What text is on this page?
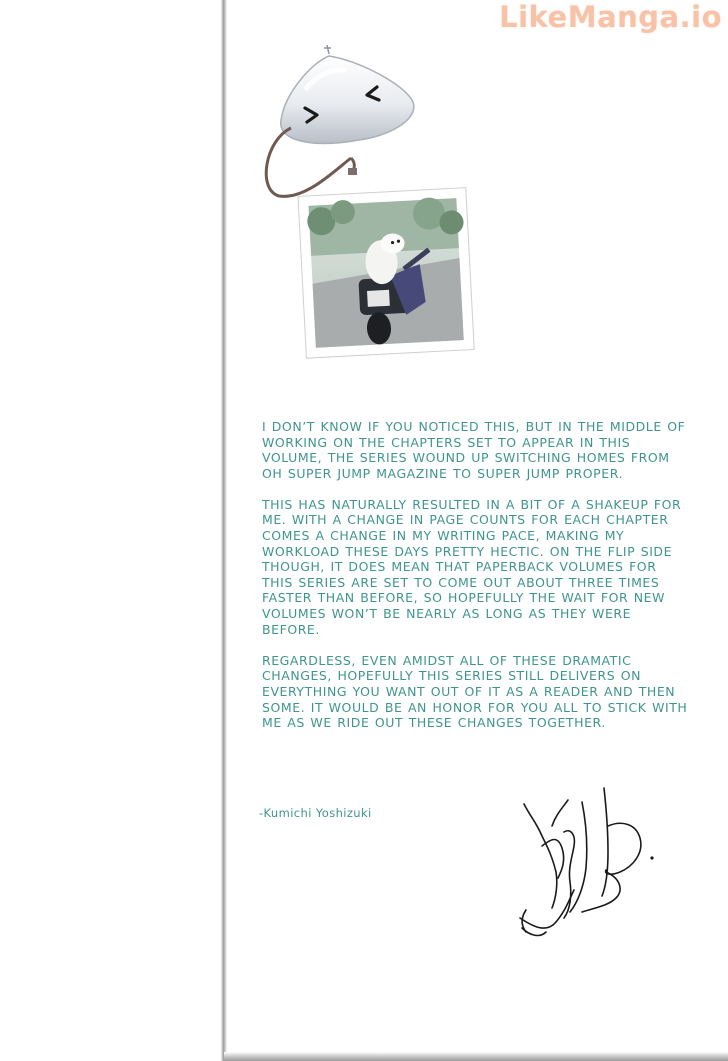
LikeManga.io

I DON’T KNOW IF YOU NOTICED THIS, BUT IN THE MIDDLE OF WORKING ON THE CHAPTERS SET TO APPEAR IN THIS VOLUME, THE SERIES WOUND UP SWITCHING HOMES FROM OH SUPER JUMP MAGAZINE TO SUPER JUMP PROPER.

THIS HAS NATURALLY RESULTED IN A BIT OF A SHAKEUP FOR ME. WITH A CHANGE IN PAGE COUNTS FOR EACH CHAPTER COMES A CHANGE IN MY WRITING PACE, MAKING MY WORKLOAD THESE DAYS PRETTY HECTIC. ON THE FLIP SIDE THOUGH, IT DOES MEAN THAT PAPERBACK VOLUMES FOR THIS SERIES ARE SET TO COME OUT ABOUT THREE TIMES FASTER THAN BEFORE, SO HOPEFULLY THE WAIT FOR NEW VOLUMES WON’T BE NEARLY AS LONG AS THEY WERE BEFORE.

REGARDLESS, EVEN AMIDST ALL OF THESE DRAMATIC CHANGES, HOPEFULLY THIS SERIES STILL DELIVERS ON EVERYTHING YOU WANT OUT OF IT AS A READER AND THEN SOME. IT WOULD BE AN HONOR FOR YOU ALL TO STICK WITH ME AS WE RIDE OUT THESE CHANGES TOGETHER.

-Kumichi Yoshizuki
